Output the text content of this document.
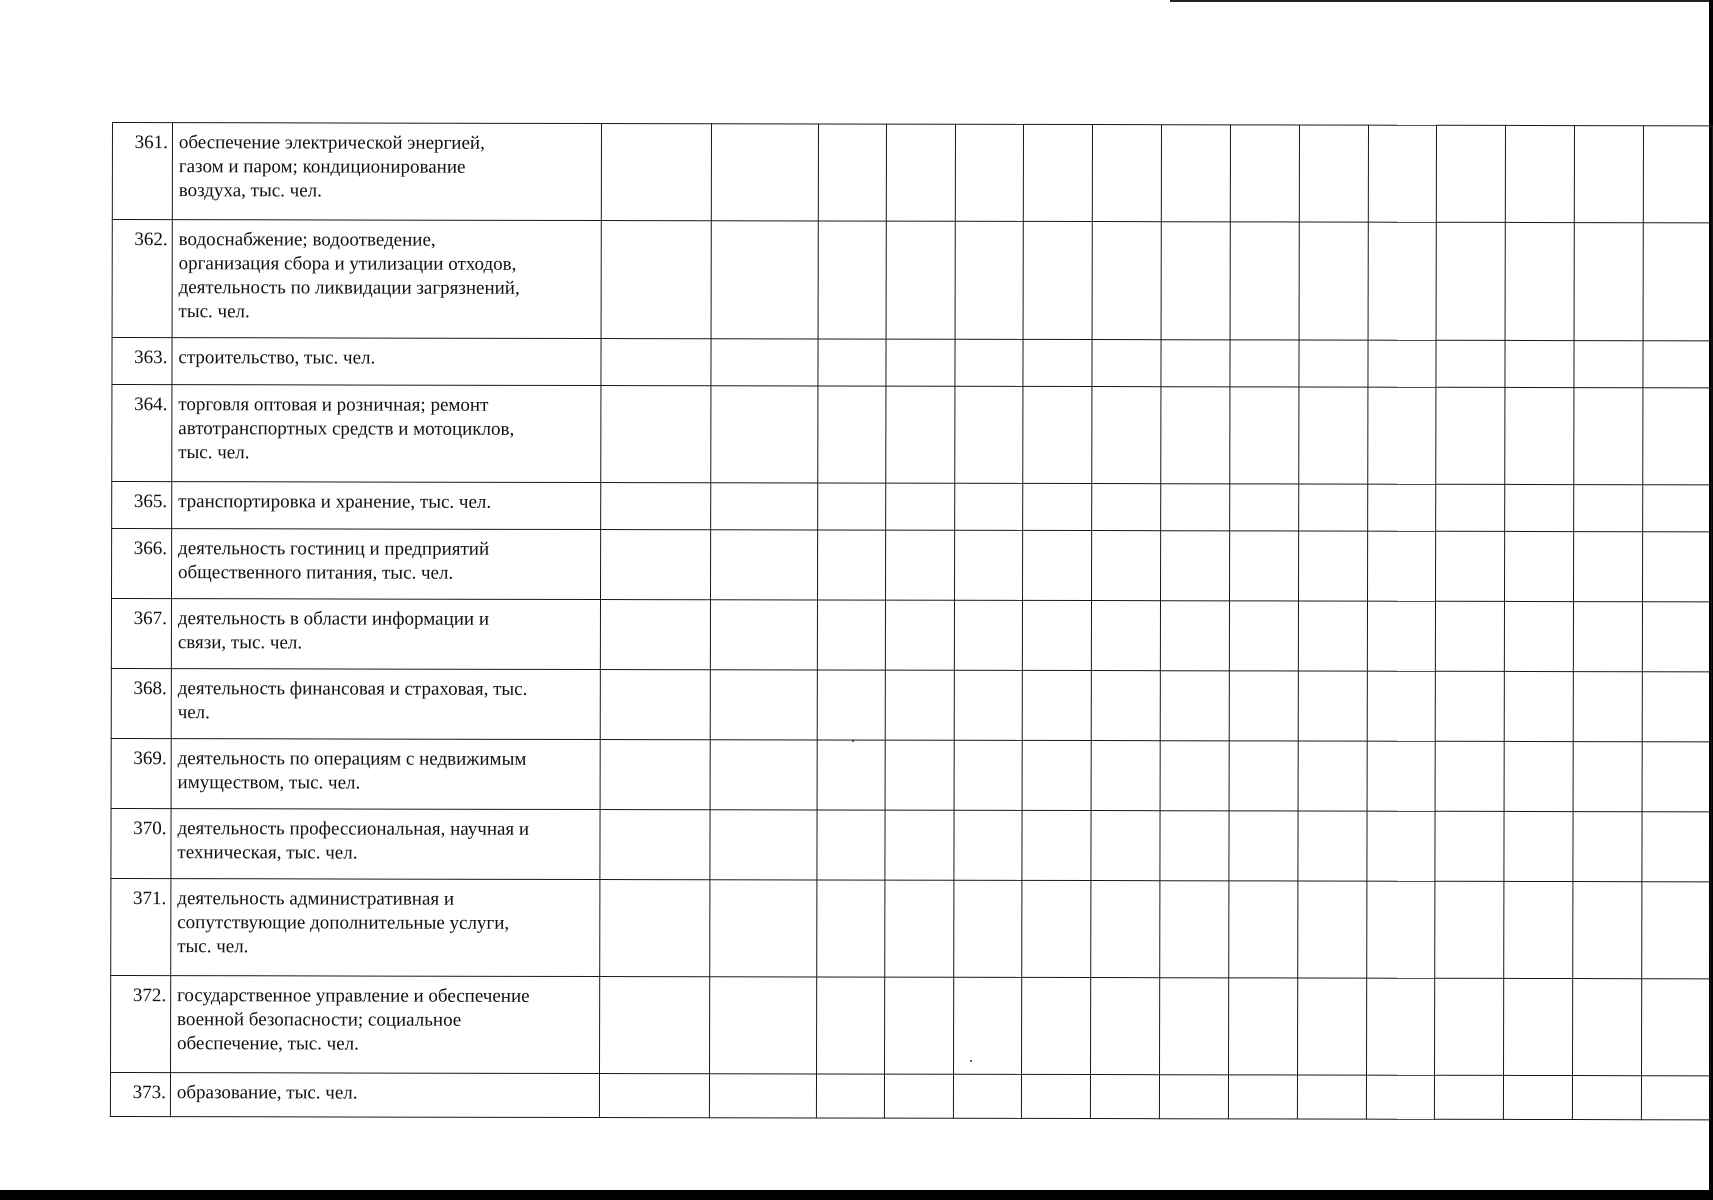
361.	обеспечение электрической энергией,
газом и паром; кондиционирование
воздуха, тыс. чел.															
362.	водоснабжение; водоотведение,
организация сбора и утилизации отходов,
деятельность по ликвидации загрязнений,
тыс. чел.															
363.	строительство, тыс. чел.															
364.	торговля оптовая и розничная; ремонт
автотранспортных средств и мотоциклов,
тыс. чел.															
365.	транспортировка и хранение, тыс. чел.															
366.	деятельность гостиниц и предприятий
общественного питания, тыс. чел.															
367.	деятельность в области информации и
связи, тыс. чел.															
368.	деятельность финансовая и страховая, тыс.
чел.															
369.	деятельность по операциям с недвижимым
имуществом, тыс. чел.															
370.	деятельность профессиональная, научная и
техническая, тыс. чел.															
371.	деятельность административная и
сопутствующие дополнительные услуги,
тыс. чел.															
372.	государственное управление и обеспечение
военной безопасности; социальное
обеспечение, тыс. чел.															
373.	образование, тыс. чел.															
